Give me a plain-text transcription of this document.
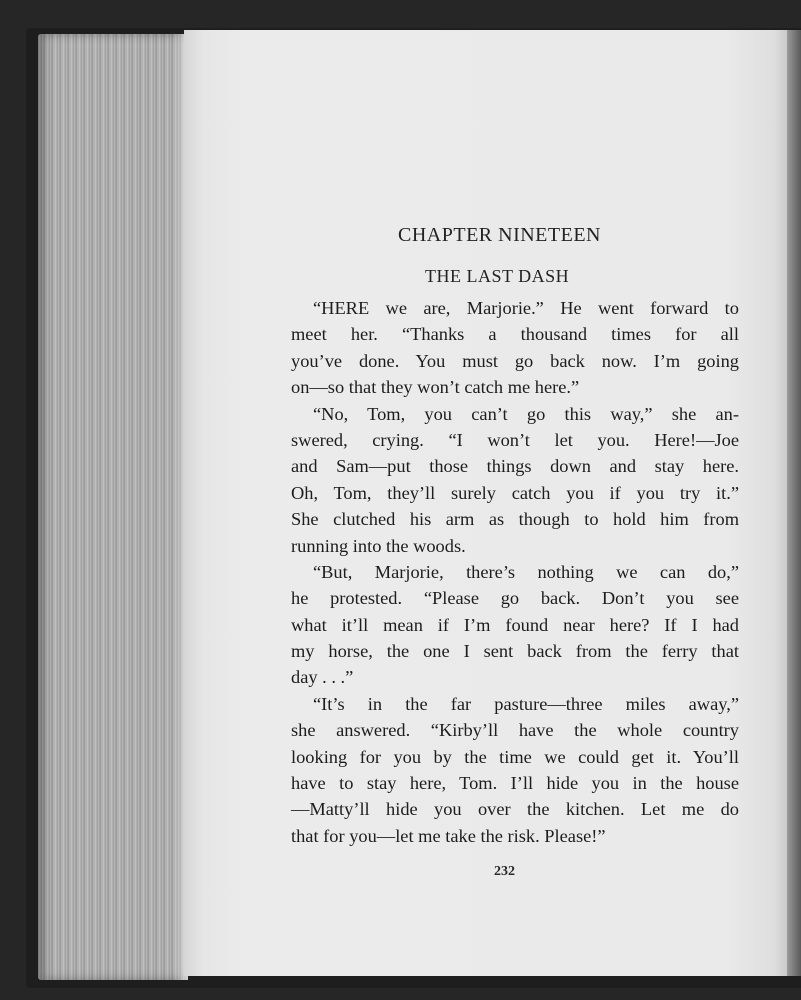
CHAPTER NINETEEN
THE LAST DASH
“HERE we are, Marjorie.” He went forward to
meet her. “Thanks a thousand times for all
you’ve done. You must go back now. I’m going
on—so that they won’t catch me here.”
“No, Tom, you can’t go this way,” she an-
swered, crying. “I won’t let you. Here!—Joe
and Sam—put those things down and stay here.
Oh, Tom, they’ll surely catch you if you try it.”
She clutched his arm as though to hold him from
running into the woods.
“But, Marjorie, there’s nothing we can do,”
he protested. “Please go back. Don’t you see
what it’ll mean if I’m found near here? If I had
my horse, the one I sent back from the ferry that
day . . .”
“It’s in the far pasture—three miles away,”
she answered. “Kirby’ll have the whole country
looking for you by the time we could get it. You’ll
have to stay here, Tom. I’ll hide you in the house
—Matty’ll hide you over the kitchen. Let me do
that for you—let me take the risk. Please!”
232
